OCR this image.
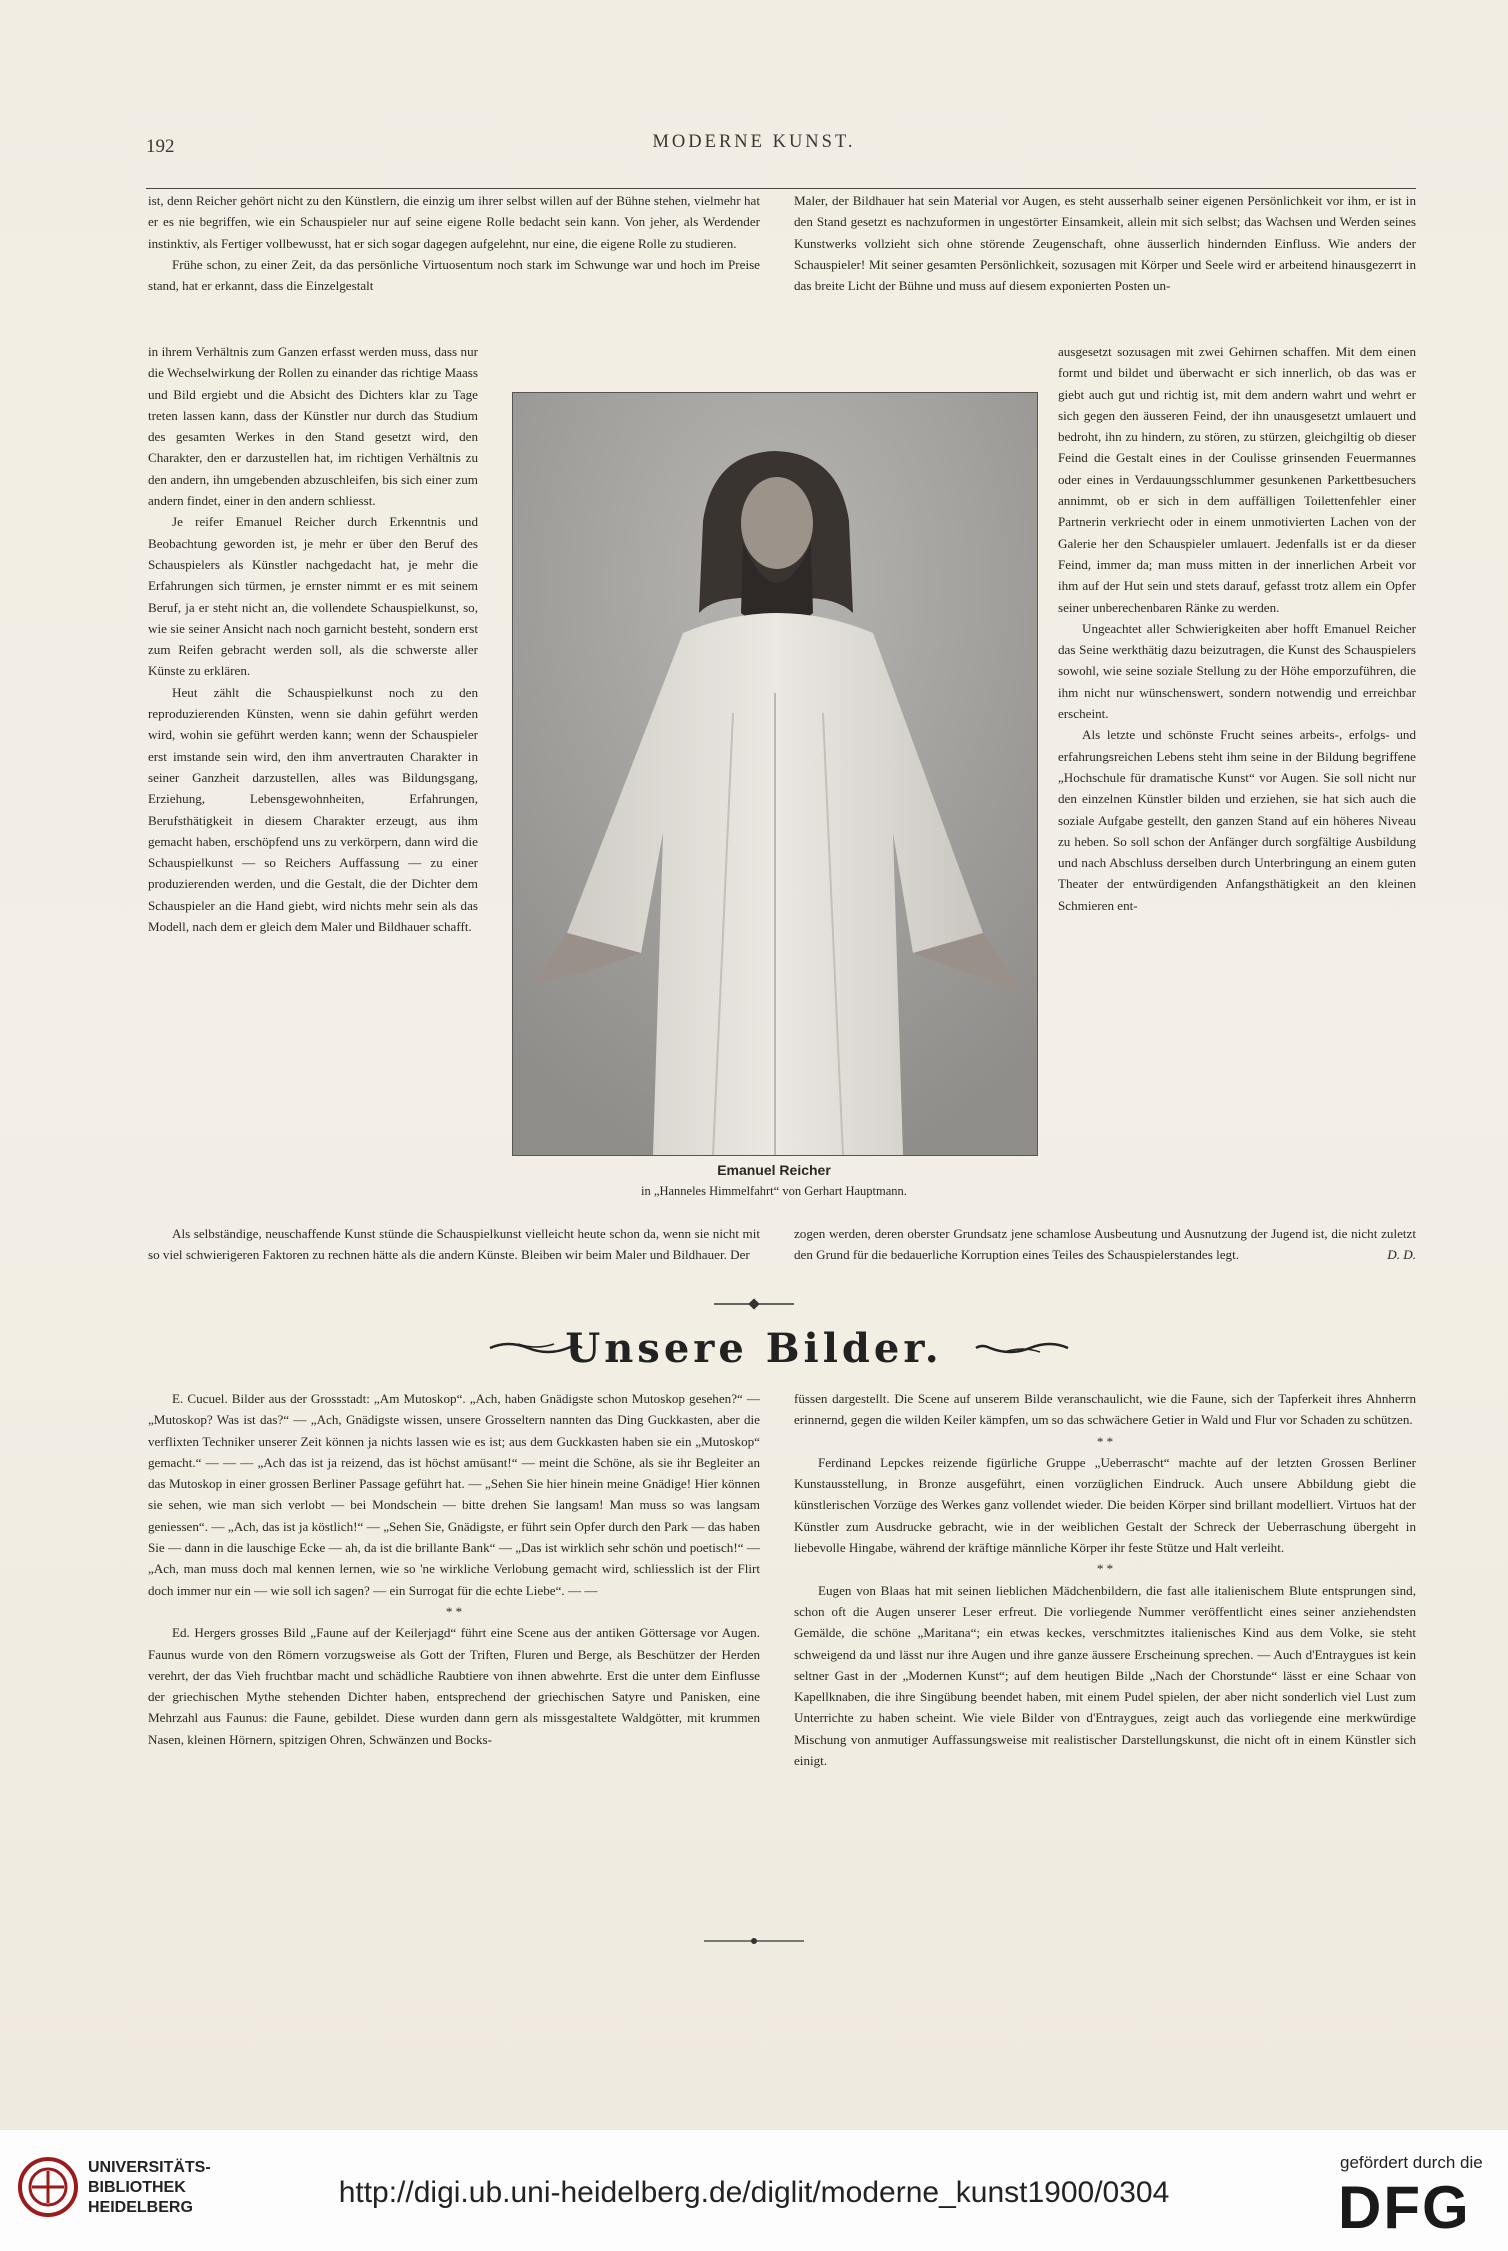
192	MODERNE KUNST.

ist, denn Reicher gehört nicht zu den Künstlern, die einzig um ihrer selbst willen auf der Bühne stehen, vielmehr hat er es nie begriffen, wie ein Schauspieler nur auf seine eigene Rolle bedacht sein kann. Von jeher, als Werdender instinktiv, als Fertiger vollbewusst, hat er sich sogar dagegen aufgelehnt, nur eine, die eigene Rolle zu studieren.

Frühe schon, zu einer Zeit, da das persönliche Virtuosentum noch stark im Schwunge war und hoch im Preise stand, hat er erkannt, dass die Einzelgestalt

Maler, der Bildhauer hat sein Material vor Augen, es steht ausserhalb seiner eigenen Persönlichkeit vor ihm, er ist in den Stand gesetzt es nachzuformen in ungestörter Einsamkeit, allein mit sich selbst; das Wachsen und Werden seines Kunstwerks vollzieht sich ohne störende Zeugenschaft, ohne äusserlich hindernden Einfluss. Wie anders der Schauspieler! Mit seiner gesamten Persönlichkeit, sozusagen mit Körper und Seele wird er arbeitend hinausgezerrt in das breite Licht der Bühne und muss auf diesem exponierten Posten un-

in ihrem Verhältnis zum Ganzen erfasst werden muss, dass nur die Wechselwirkung der Rollen zu einander das richtige Maass und Bild ergiebt und die Absicht des Dichters klar zu Tage treten lassen kann, dass der Künstler nur durch das Studium des gesamten Werkes in den Stand gesetzt wird, den Charakter, den er darzustellen hat, im richtigen Verhältnis zu den andern, ihn umgebenden abzuschleifen, bis sich einer zum andern findet, einer in den andern schliesst.

Je reifer Emanuel Reicher durch Erkenntnis und Beobachtung geworden ist, je mehr er über den Beruf des Schauspielers als Künstler nachgedacht hat, je mehr die Erfahrungen sich türmen, je ernster nimmt er es mit seinem Beruf, ja er steht nicht an, die vollendete Schauspielkunst, so, wie sie seiner Ansicht nach noch garnicht besteht, sondern erst zum Reifen gebracht werden soll, als die schwerste aller Künste zu erklären.

Heut zählt die Schauspielkunst noch zu den reproduzierenden Künsten, wenn sie dahin geführt werden wird, wohin sie geführt werden kann; wenn der Schauspieler erst imstande sein wird, den ihm anvertrauten Charakter in seiner Ganzheit darzustellen, alles was Bildungsgang, Erziehung, Lebensgewohnheiten, Erfahrungen, Berufsthätigkeit in diesem Charakter erzeugt, aus ihm gemacht haben, erschöpfend uns zu verkörpern, dann wird die Schauspielkunst — so Reichers Auffassung — zu einer produzierenden werden, und die Gestalt, die der Dichter dem Schauspieler an die Hand giebt, wird nichts mehr sein als das Modell, nach dem er gleich dem Maler und Bildhauer schafft.

ausgesetzt sozusagen mit zwei Gehirnen schaffen. Mit dem einen formt und bildet und überwacht er sich innerlich, ob das was er giebt auch gut und richtig ist, mit dem andern wahrt und wehrt er sich gegen den äusseren Feind, der ihn unausgesetzt umlauert und bedroht, ihn zu hindern, zu stören, zu stürzen, gleichgiltig ob dieser Feind die Gestalt eines in der Coulisse grinsenden Feuermannes oder eines in Verdauungsschlummer gesunkenen Parkettbesuchers annimmt, ob er sich in dem auffälligen Toilettenfehler einer Partnerin verkriecht oder in einem unmotivierten Lachen von der Galerie her den Schauspieler umlauert. Jedenfalls ist er da dieser Feind, immer da; man muss mitten in der innerlichen Arbeit vor ihm auf der Hut sein und stets darauf, gefasst trotz allem ein Opfer seiner unberechenbaren Ränke zu werden.

Ungeachtet aller Schwierigkeiten aber hofft Emanuel Reicher das Seine werkthätig dazu beizutragen, die Kunst des Schauspielers sowohl, wie seine soziale Stellung zu der Höhe emporzuführen, die ihm nicht nur wünschenswert, sondern notwendig und erreichbar erscheint.

Als letzte und schönste Frucht seines arbeits-, erfolgs- und erfahrungsreichen Lebens steht ihm seine in der Bildung begriffene „Hochschule für dramatische Kunst“ vor Augen. Sie soll nicht nur den einzelnen Künstler bilden und erziehen, sie hat sich auch die soziale Aufgabe gestellt, den ganzen Stand auf ein höheres Niveau zu heben. So soll schon der Anfänger durch sorgfältige Ausbildung und nach Abschluss derselben durch Unterbringung an einem guten Theater der entwürdigenden Anfangsthätigkeit an den kleinen Schmieren ent-

Emanuel Reicher
in „Hanneles Himmelfahrt“ von Gerhart Hauptmann.

Als selbständige, neuschaffende Kunst stünde die Schauspielkunst vielleicht heute schon da, wenn sie nicht mit so viel schwierigeren Faktoren zu rechnen hätte als die andern Künste. Bleiben wir beim Maler und Bildhauer. Der

zogen werden, deren oberster Grundsatz jene schamlose Ausbeutung und Ausnutzung der Jugend ist, die nicht zuletzt den Grund für die bedauerliche Korruption eines Teiles des Schauspielerstandes legt.	D. D.

Unsere Bilder.

E. Cucuel. Bilder aus der Grossstadt: „Am Mutoskop“. „Ach, haben Gnädigste schon Mutoskop gesehen?“ — „Mutoskop? Was ist das?“ — „Ach, Gnädigste wissen, unsere Grosseltern nannten das Ding Guckkasten, aber die verflixten Techniker unserer Zeit können ja nichts lassen wie es ist; aus dem Guckkasten haben sie ein „Mutoskop“ gemacht.“ — — — „Ach das ist ja reizend, das ist höchst amüsant!“ — meint die Schöne, als sie ihr Begleiter an das Mutoskop in einer grossen Berliner Passage geführt hat. — „Sehen Sie hier hinein meine Gnädige! Hier können sie sehen, wie man sich verlobt — bei Mondschein — bitte drehen Sie langsam! Man muss so was langsam geniessen“. — „Ach, das ist ja köstlich!“ — „Sehen Sie, Gnädigste, er führt sein Opfer durch den Park — das haben Sie — dann in die lauschige Ecke — ah, da ist die brillante Bank“ — „Das ist wirklich sehr schön und poetisch!“ — „Ach, man muss doch mal kennen lernen, wie so 'ne wirkliche Verlobung gemacht wird, schliesslich ist der Flirt doch immer nur ein — wie soll ich sagen? — ein Surrogat für die echte Liebe“. — —

* *

Ed. Hergers grosses Bild „Faune auf der Keilerjagd“ führt eine Scene aus der antiken Göttersage vor Augen. Faunus wurde von den Römern vorzugsweise als Gott der Triften, Fluren und Berge, als Beschützer der Herden verehrt, der das Vieh fruchtbar macht und schädliche Raubtiere von ihnen abwehrte. Erst die unter dem Einflusse der griechischen Mythe stehenden Dichter haben, entsprechend der griechischen Satyre und Panisken, eine Mehrzahl aus Faunus: die Faune, gebildet. Diese wurden dann gern als missgestaltete Waldgötter, mit krummen Nasen, kleinen Hörnern, spitzigen Ohren, Schwänzen und Bocks-

füssen dargestellt. Die Scene auf unserem Bilde veranschaulicht, wie die Faune, sich der Tapferkeit ihres Ahnherrn erinnernd, gegen die wilden Keiler kämpfen, um so das schwächere Getier in Wald und Flur vor Schaden zu schützen.

* *

Ferdinand Lepckes reizende figürliche Gruppe „Ueberrascht“ machte auf der letzten Grossen Berliner Kunstausstellung, in Bronze ausgeführt, einen vorzüglichen Eindruck. Auch unsere Abbildung giebt die künstlerischen Vorzüge des Werkes ganz vollendet wieder. Die beiden Körper sind brillant modelliert. Virtuos hat der Künstler zum Ausdrucke gebracht, wie in der weiblichen Gestalt der Schreck der Ueberraschung übergeht in liebevolle Hingabe, während der kräftige männliche Körper ihr feste Stütze und Halt verleiht.

* *

Eugen von Blaas hat mit seinen lieblichen Mädchenbildern, die fast alle italienischem Blute entsprungen sind, schon oft die Augen unserer Leser erfreut. Die vorliegende Nummer veröffentlicht eines seiner anziehendsten Gemälde, die schöne „Maritana“; ein etwas keckes, verschmitztes italienisches Kind aus dem Volke, sie steht schweigend da und lässt nur ihre Augen und ihre ganze äussere Erscheinung sprechen. — Auch d'Entraygues ist kein seltner Gast in der „Modernen Kunst“; auf dem heutigen Bilde „Nach der Chorstunde“ lässt er eine Schaar von Kapellknaben, die ihre Singübung beendet haben, mit einem Pudel spielen, der aber nicht sonderlich viel Lust zum Unterrichte zu haben scheint. Wie viele Bilder von d'Entraygues, zeigt auch das vorliegende eine merkwürdige Mischung von anmutiger Auffassungsweise mit realistischer Darstellungskunst, die nicht oft in einem Künstler sich einigt.

UNIVERSITÄTS-
BIBLIOTHEK
HEIDELBERG	http://digi.ub.uni-heidelberg.de/diglit/moderne_kunst1900/0304
gefördert durch die
DFG
